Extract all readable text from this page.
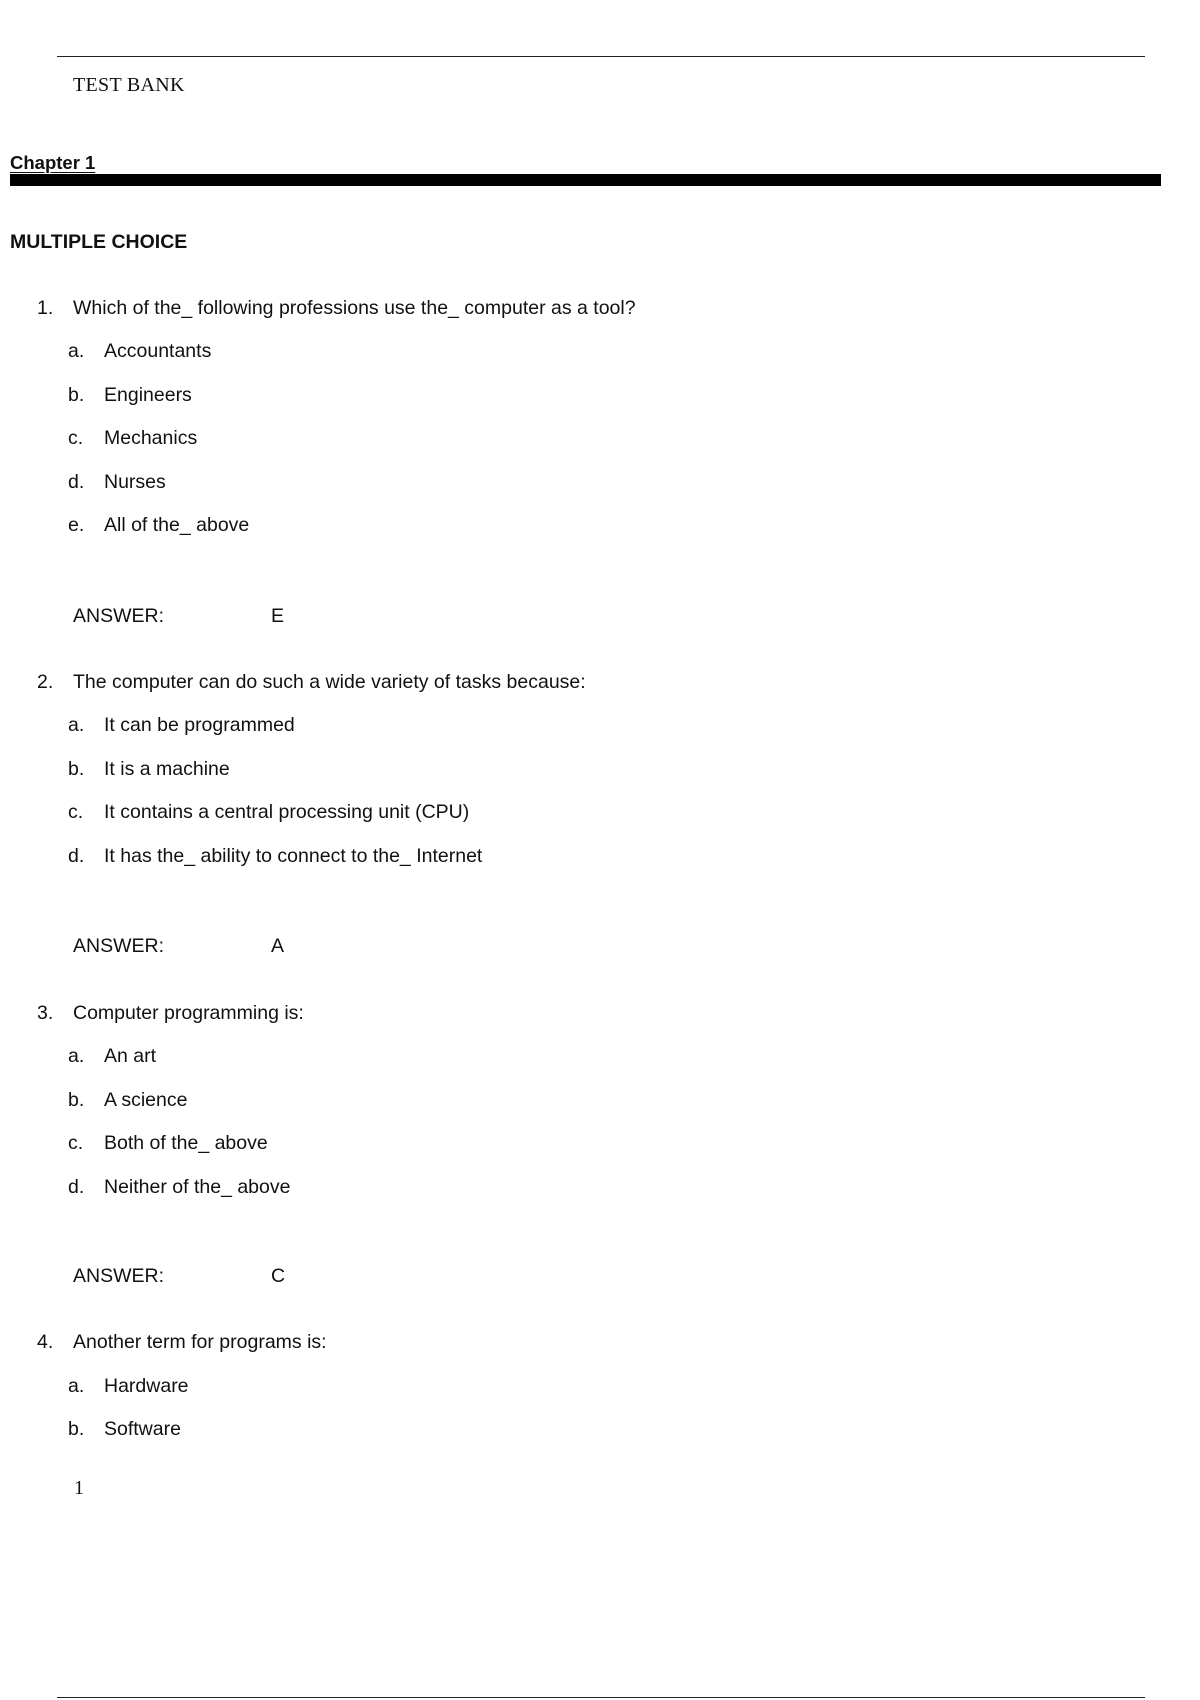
TEST BANK
Chapter 1
MULTIPLE CHOICE
1. Which of the_ following professions use the_ computer as a tool?
a. Accountants
b. Engineers
c. Mechanics
d. Nurses
e. All of the_ above
ANSWER:	E
2. The computer can do such a wide variety of tasks because:
a. It can be programmed
b. It is a machine
c. It contains a central processing unit (CPU)
d. It has the_ ability to connect to the_ Internet
ANSWER:	A
3. Computer programming is:
a. An art
b. A science
c. Both of the_ above
d. Neither of the_ above
ANSWER:	C
4. Another term for programs is:
a. Hardware
b. Software
1
